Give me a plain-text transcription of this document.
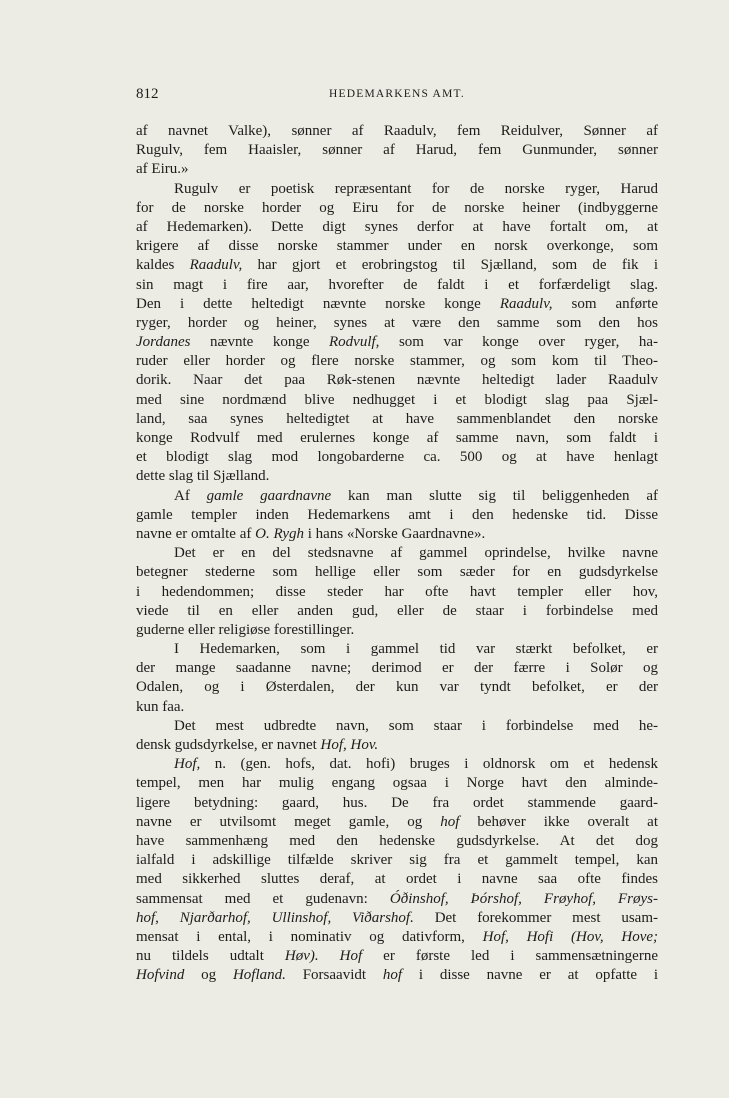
812	HEDEMARKENS AMT.
af navnet Valke), sønner af Raadulv, fem Reidulver, Sønner af
Rugulv, fem Haaisler, sønner af Harud, fem Gunmunder, sønner
af Eiru.»
Rugulv er poetisk repræsentant for de norske ryger, Harud
for de norske horder og Eiru for de norske heiner (indbyggerne
af Hedemarken). Dette digt synes derfor at have fortalt om, at
krigere af disse norske stammer under en norsk overkonge, som
kaldes Raadulv, har gjort et erobringstog til Sjælland, som de fik i
sin magt i fire aar, hvorefter de faldt i et forfærdeligt slag.
Den i dette heltedigt nævnte norske konge Raadulv, som anførte
ryger, horder og heiner, synes at være den samme som den hos
Jordanes nævnte konge Rodvulf, som var konge over ryger, ha-
ruder eller horder og flere norske stammer, og som kom til Theo-
dorik. Naar det paa Røk-stenen nævnte heltedigt lader Raadulv
med sine nordmænd blive nedhugget i et blodigt slag paa Sjæl-
land, saa synes heltedigtet at have sammenblandet den norske
konge Rodvulf med erulernes konge af samme navn, som faldt i
et blodigt slag mod longobarderne ca. 500 og at have henlagt
dette slag til Sjælland.
Af gamle gaardnavne kan man slutte sig til beliggenheden af
gamle templer inden Hedemarkens amt i den hedenske tid. Disse
navne er omtalte af O. Rygh i hans «Norske Gaardnavne».
Det er en del stedsnavne af gammel oprindelse, hvilke navne
betegner stederne som hellige eller som sæder for en gudsdyrkelse
i hedendommen; disse steder har ofte havt templer eller hov,
viede til en eller anden gud, eller de staar i forbindelse med
guderne eller religiøse forestillinger.
I Hedemarken, som i gammel tid var stærkt befolket, er
der mange saadanne navne; derimod er der færre i Solør og
Odalen, og i Østerdalen, der kun var tyndt befolket, er der
kun faa.
Det mest udbredte navn, som staar i forbindelse med he-
densk gudsdyrkelse, er navnet Hof, Hov.
Hof, n. (gen. hofs, dat. hofi) bruges i oldnorsk om et hedensk
tempel, men har mulig engang ogsaa i Norge havt den alminde-
ligere betydning: gaard, hus. De fra ordet stammende gaard-
navne er utvilsomt meget gamle, og hof behøver ikke overalt at
have sammenhæng med den hedenske gudsdyrkelse. At det dog
ialfald i adskillige tilfælde skriver sig fra et gammelt tempel, kan
med sikkerhed sluttes deraf, at ordet i navne saa ofte findes
sammensat med et gudenavn: Óðinshof, Þórshof, Frøyhof, Frøys-
hof, Njarðarhof, Ullinshof, Viðarshof. Det forekommer mest usam-
mensat i ental, i nominativ og dativform, Hof, Hofi (Hov, Hove;
nu tildels udtalt Høv). Hof er første led i sammensætningerne
Hofvind og Hofland. Forsaavidt hof i disse navne er at opfatte i
